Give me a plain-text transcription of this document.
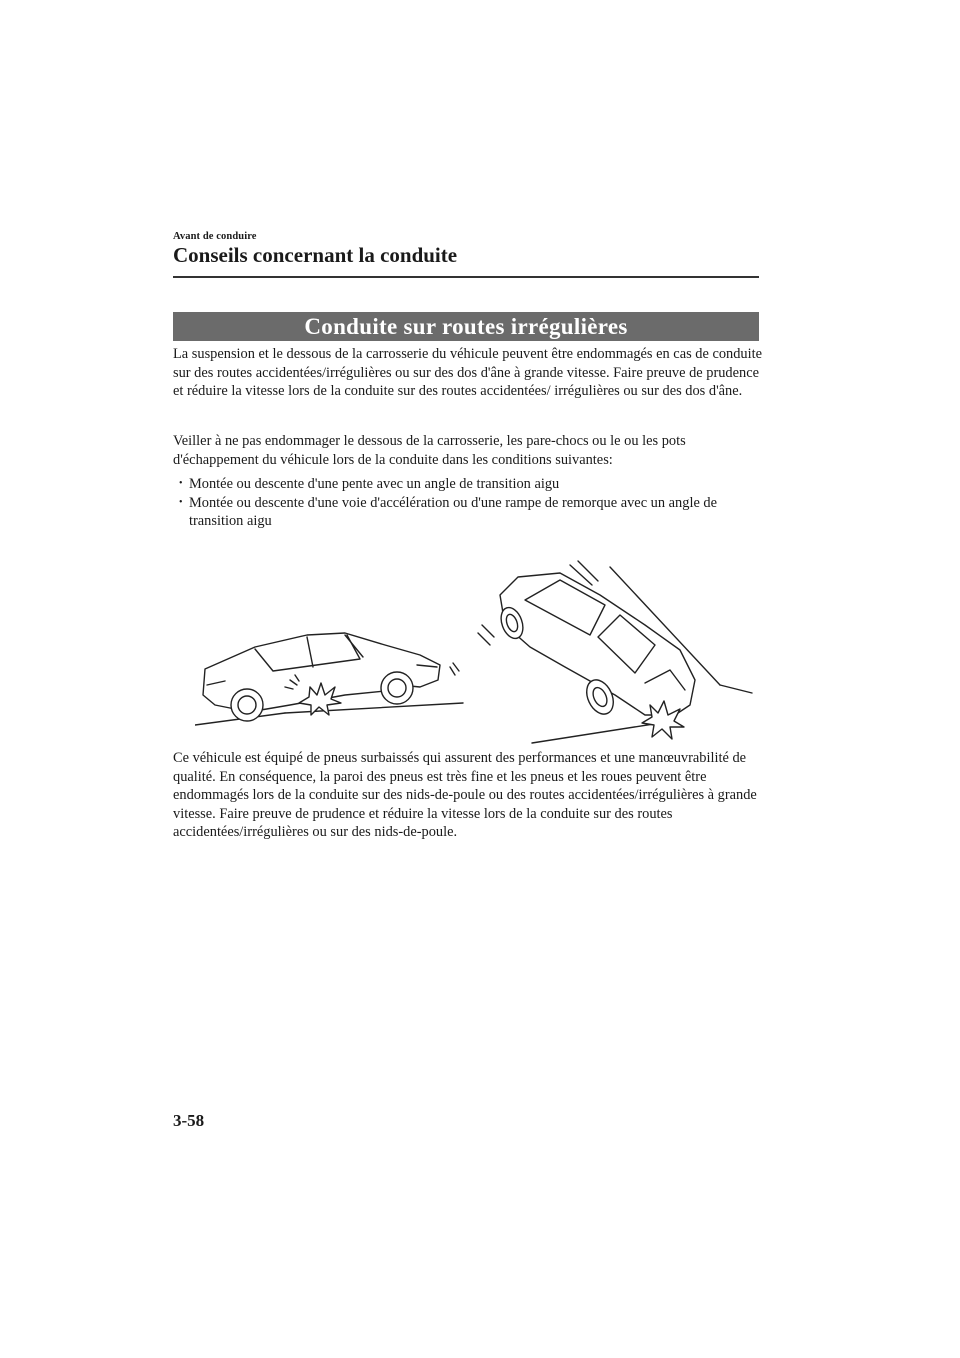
Avant de conduire
Conseils concernant la conduite
Conduite sur routes irrégulières

La suspension et le dessous de la carrosserie du véhicule peuvent être endommagés en cas de conduite sur des routes accidentées/irrégulières ou sur des dos d'âne à grande vitesse. Faire preuve de prudence et réduire la vitesse lors de la conduite sur des routes accidentées/ irrégulières ou sur des dos d'âne.

Veiller à ne pas endommager le dessous de la carrosserie, les pare-chocs ou le ou les pots d'échappement du véhicule lors de la conduite dans les conditions suivantes:

• Montée ou descente d'une pente avec un angle de transition aigu
• Montée ou descente d'une voie d'accélération ou d'une rampe de remorque avec un angle de transition aigu

Ce véhicule est équipé de pneus surbaissés qui assurent des performances et une manœuvrabilité de qualité. En conséquence, la paroi des pneus est très fine et les pneus et les roues peuvent être endommagés lors de la conduite sur des nids-de-poule ou des routes accidentées/irrégulières à grande vitesse. Faire preuve de prudence et réduire la vitesse lors de la conduite sur des routes accidentées/irrégulières ou sur des nids-de-poule.

3-58
